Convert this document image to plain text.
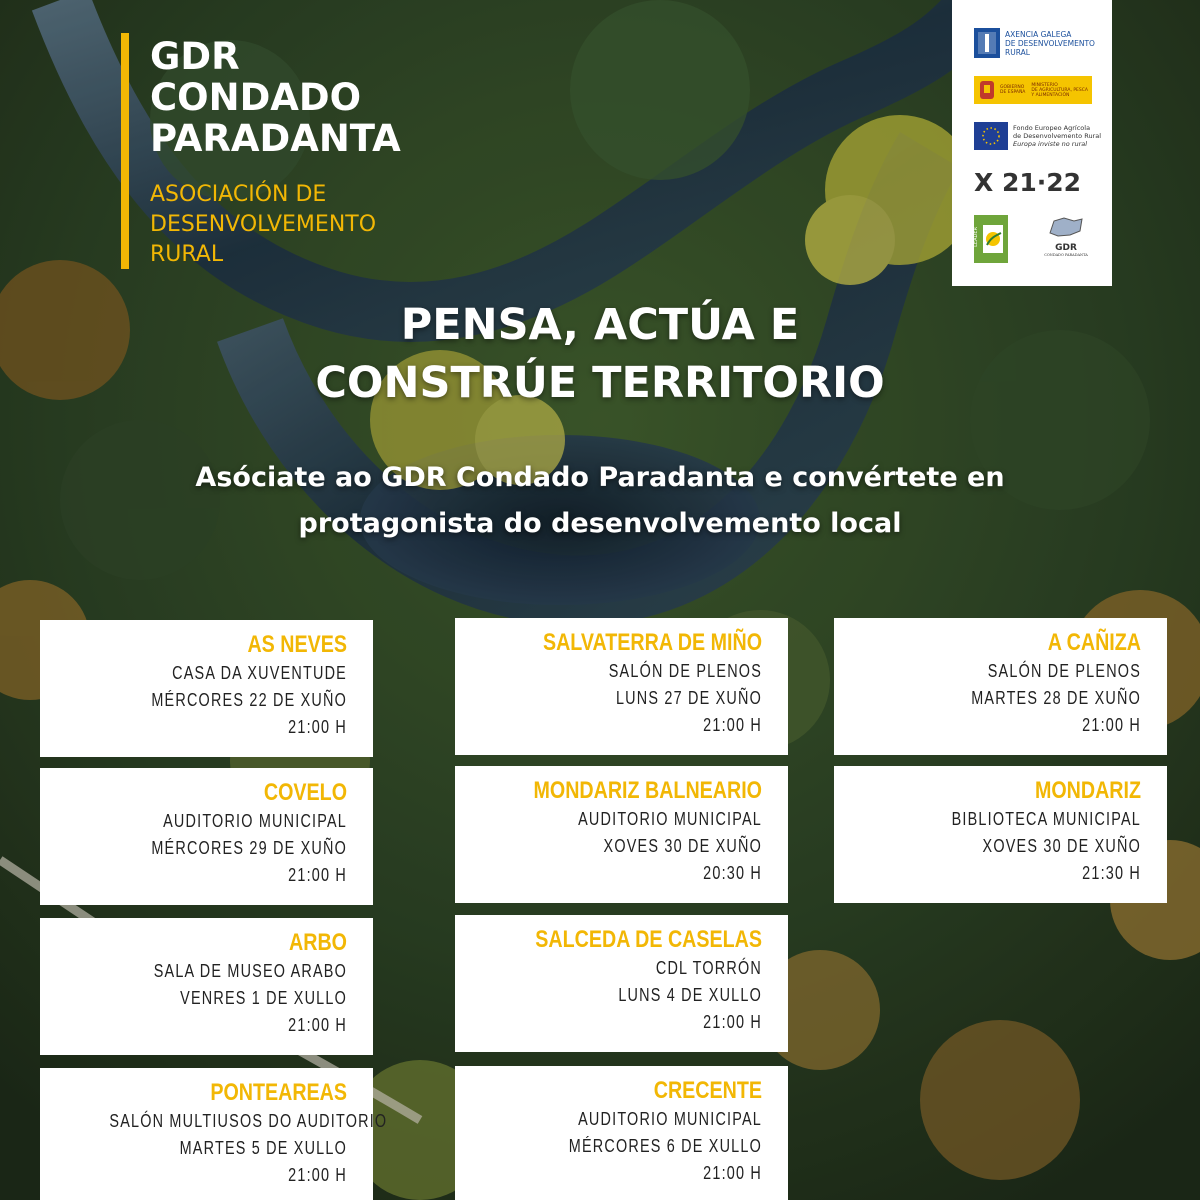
GDR
CONDADO
PARADANTA
ASOCIACIÓN DE
DESENVOLVEMENTO
RURAL
AXENCIA GALEGA
DE DESENVOLVEMENTO
RURAL
GOBIERNO
DE ESPAÑA
MINISTERIO
DE AGRICULTURA, PESCA
Y ALIMENTACIÓN
Fondo Europeo Agrícola
de Desenvolvemento Rural
Europa inviste no rural
X 21·22
LEADER
GDR
CONDADO PARADANTA
PENSA, ACTÚA E
CONSTRÚE TERRITORIO
Asóciate ao GDR Condado Paradanta e convértete en
protagonista do desenvolvemento local
AS NEVES
CASA DA XUVENTUDE
MÉRCORES 22 DE XUÑO
21:00 H
SALVATERRA DE MIÑO
SALÓN DE PLENOS
LUNS 27 DE XUÑO
21:00 H
A CAÑIZA
SALÓN DE PLENOS
MARTES 28 DE XUÑO
21:00 H
COVELO
AUDITORIO MUNICIPAL
MÉRCORES 29 DE XUÑO
21:00 H
MONDARIZ BALNEARIO
AUDITORIO MUNICIPAL
XOVES 30 DE XUÑO
20:30 H
MONDARIZ
BIBLIOTECA MUNICIPAL
XOVES 30 DE XUÑO
21:30 H
ARBO
SALA DE MUSEO ARABO
VENRES 1 DE XULLO
21:00 H
SALCEDA DE CASELAS
CDL TORRÓN
LUNS 4 DE XULLO
21:00 H
PONTEAREAS
SALÓN MULTIUSOS DO AUDITORIO
MARTES 5 DE XULLO
21:00 H
CRECENTE
AUDITORIO MUNICIPAL
MÉRCORES 6 DE XULLO
21:00 H
